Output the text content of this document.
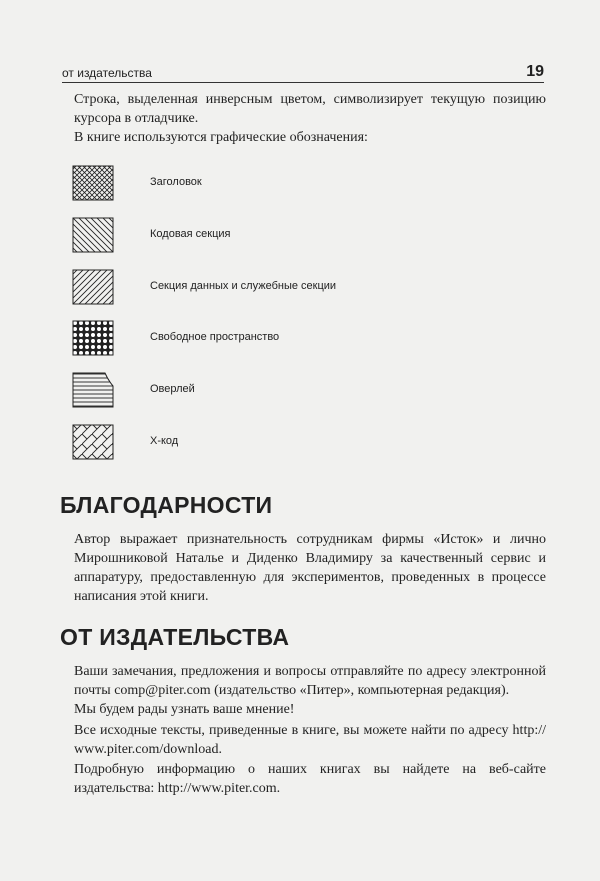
от издательства	19
Строка, выделенная инверсным цветом, символизирует текущую позицию курсора в отладчике.
В книге используются графические обозначения:
Заголовок
Кодовая секция
Секция данных и служебные секции
Свободное пространство
Оверлей
X-код
БЛАГОДАРНОСТИ
Автор выражает признательность сотрудникам фирмы «Исток» и лично Мирошниковой Наталье и Диденко Владимиру за качественный сервис и аппаратуру, предоставленную для экспериментов, проведенных в процессе написания этой книги.
ОТ ИЗДАТЕЛЬСТВА
Ваши замечания, предложения и вопросы отправляйте по адресу электронной почты comp@piter.com (издательство «Питер», компьютерная редакция).
Мы будем рады узнать ваше мнение!
Все исходные тексты, приведенные в книге, вы можете найти по адресу http:// www.piter.com/download.
Подробную информацию о наших книгах вы найдете на веб-сайте издательства: http://www.piter.com.
